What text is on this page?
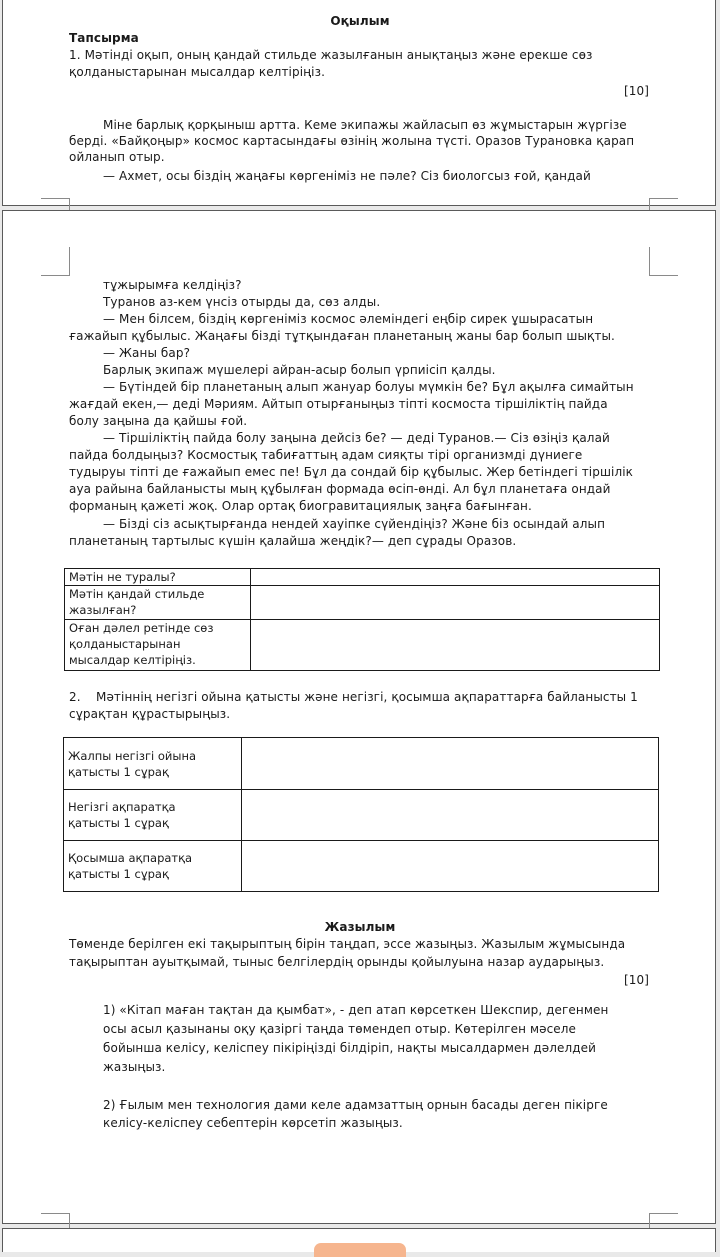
Оқылым
Тапсырма
1. Мәтінді оқып, оның қандай стильде жазылғанын анықтаңыз және ерекше сөз
қолданыстарынан мысалдар келтіріңіз.
[10]
Міне барлық қорқыныш артта. Кеме экипажы жайласып өз жұмыстарын жүргізе
берді. «Байқоңыр» космос картасындағы өзінің жолына түсті. Оразов Турановка қарап
ойланып отыр.
— Ахмет, осы біздің жаңағы көргеніміз не пәле? Сіз биологсыз ғой, қандай
тұжырымға келдіңіз?
Туранов аз-кем үнсіз отырды да, сөз алды.
— Мен білсем, біздің көргеніміз космос әлеміндегі еңбір сирек ұшырасатын
ғажайып құбылыс. Жаңағы бізді тұтқындаған планетаның жаны бар болып шықты.
— Жаны бар?
Барлық экипаж мүшелері айран-асыр болып үрпиісіп қалды.
— Бүтіндей бір планетаның алып жануар болуы мүмкін бе? Бұл ақылға симайтын
жағдай екен,— деді Мәриям. Айтып отырғаныңыз тіпті космоста тіршіліктің пайда
болу заңына да қайшы ғой.
— Тіршіліктің пайда болу заңына дейсіз бе? — деді Туранов.— Сіз өзіңіз қалай
пайда болдыңыз? Космостық табиғаттың адам сияқты тірі организмді дүниеге
тудыруы тіпті де ғажайып емес пе! Бұл да сондай бір құбылыс. Жер бетіндегі тіршілік
ауа райына байланысты мың құбылған формада өсіп-өнді. Ал бұл планетаға ондай
форманың қажеті жоқ. Олар ортақ биогравитациялық заңға бағынған.
— Бізді сіз асықтырғанда нендей хауіпке сүйендіңіз? Және біз осындай алып
планетаның тартылыс күшін қалайша жеңдік?— деп сұрады Оразов.
Мәтін не туралы?	

Мәтін қандай стильде
жазылған?	

Оған дәлел ретінде сөз
қолданыстарынан
мысалдар келтіріңіз.	

2. Мәтіннің негізгі ойына қатысты және негізгі, қосымша ақпараттарға байланысты 1
сұрақтан құрастырыңыз.
Жалпы негізгі ойына
қатысты 1 сұрақ	

Негізгі ақпаратқа
қатысты 1 сұрақ	

Қосымша ақпаратқа
қатысты 1 сұрақ	

Жазылым
Төменде берілген екі тақырыптың бірін таңдап, эссе жазыңыз. Жазылым жұмысында
тақырыптан ауытқымай, тыныс белгілердің орынды қойылуына назар аударыңыз.
[10]
1) «Кітап маған тақтан да қымбат», - деп атап көрсеткен Шекспир, дегенмен
осы асыл қазынаны оқу қазіргі таңда төмендеп отыр. Көтерілген мәселе
бойынша келісу, келіспеу пікіріңізді білдіріп, нақты мысалдармен дәлелдей
жазыңыз.
2) Ғылым мен технология дами келе адамзаттың орнын басады деген пікірге
келісу-келіспеу себептерін көрсетіп жазыңыз.
